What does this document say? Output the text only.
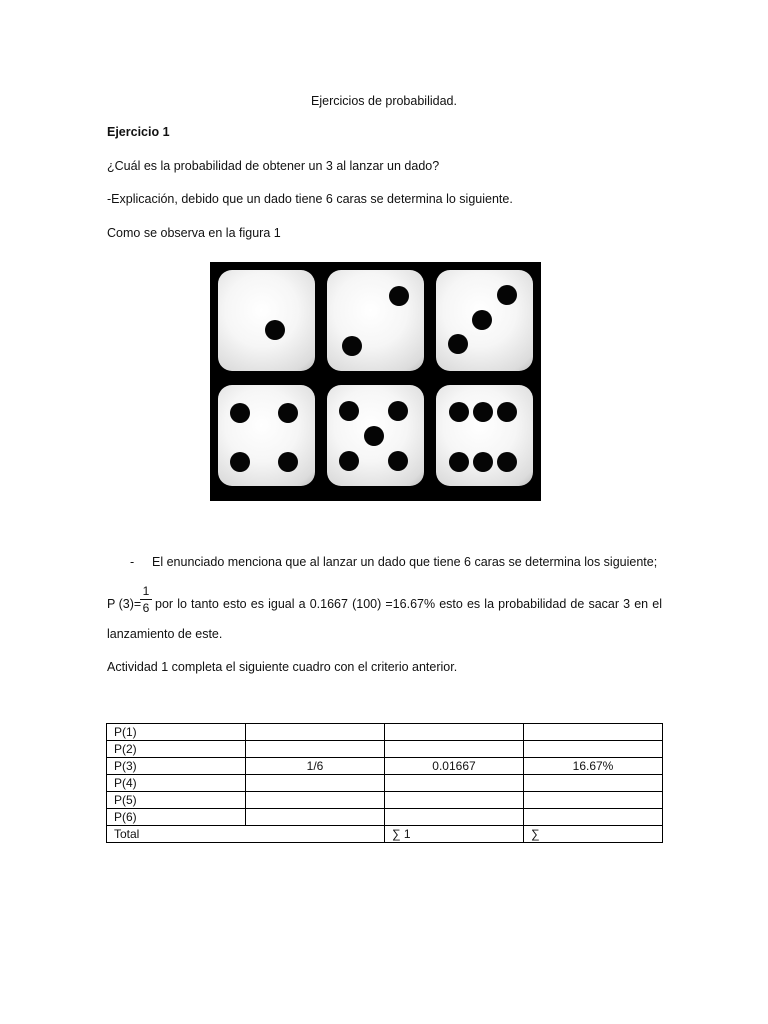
Ejercicios de probabilidad.
Ejercicio 1
¿Cuál es la probabilidad de obtener un 3 al lanzar un dado?
-Explicación, debido que un dado tiene 6 caras se determina lo siguiente.
Como se observa en la figura 1
- El enunciado menciona que al lanzar un dado que tiene 6 caras se determina los siguiente;
P (3)=
1
6 por lo tanto esto es igual a 0.1667 (100) =16.67% esto es la probabilidad de sacar 3 en el
lanzamiento de este.
Actividad 1 completa el siguiente cuadro con el criterio anterior.
P(1)			
P(2)			
P(3)	1/6	0.01667	16.67%
P(4)			
P(5)			
P(6)			
Total		∑ 1	∑
